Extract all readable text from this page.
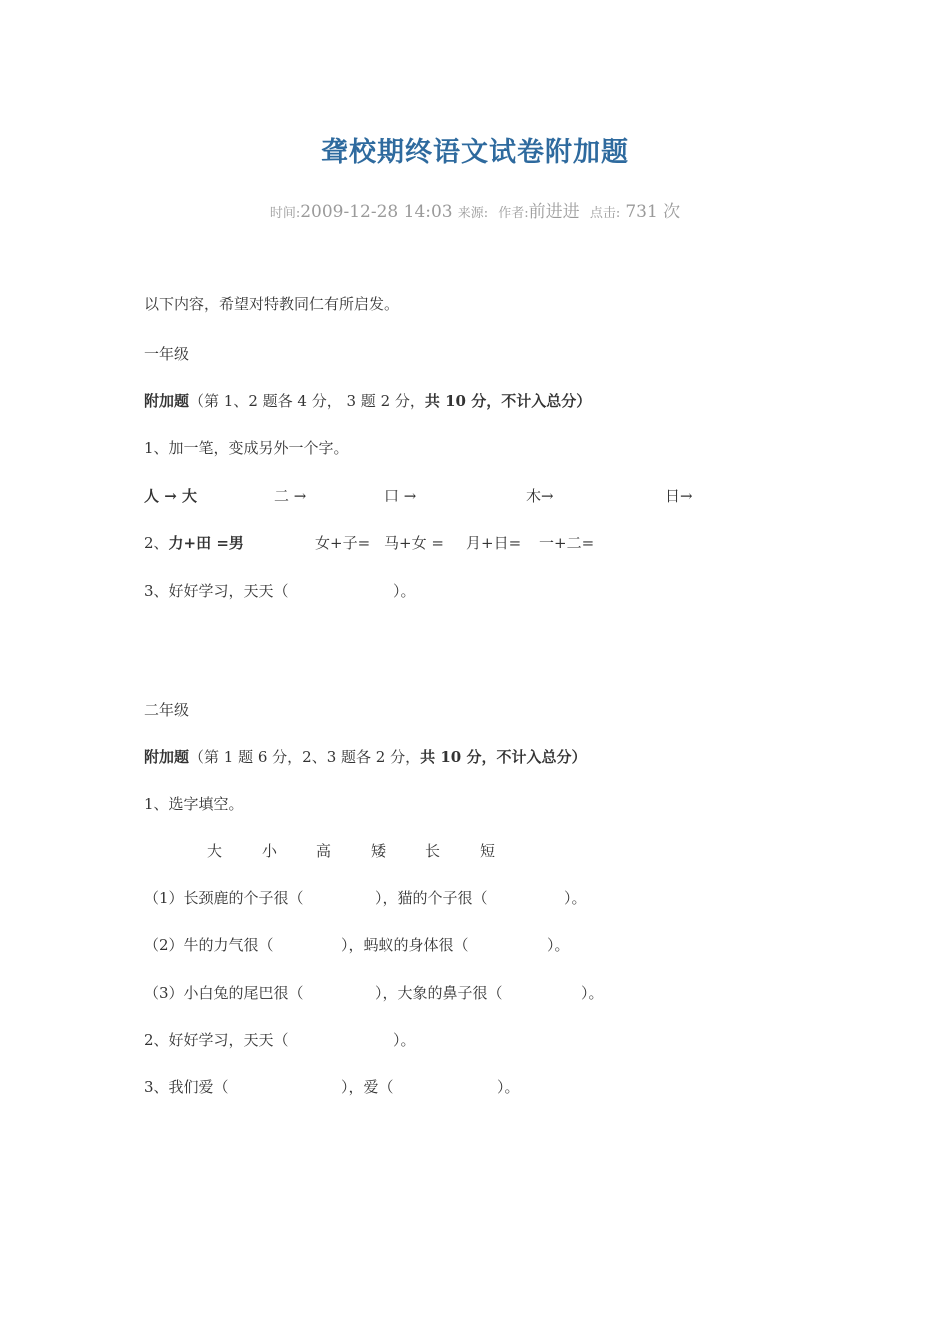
聋校期终语文试卷附加题
时间:2009-12-28 14:03 来源: 作者:前进进 点击: 731 次
以下内容，希望对特教同仁有所启发。
一年级
附加题（第 1、2 题各 4 分， 3 题 2 分，共 10 分，不计入总分）
1、加一笔，变成另外一个字。
人 → 大	二 →	口 →	木→	日→
2、力+田 =男	女+子= 马+女 = 月+日= 一+二=
3、好好学习，天天（	）。
二年级
附加题（第 1 题 6 分，2、3 题各 2 分，共 10 分，不计入总分）
1、选字填空。
大	小	高	矮	长	短
（1）长颈鹿的个子很（	），猫的个子很（	）。
（2）牛的力气很（	），蚂蚁的身体很（	）。
（3）小白兔的尾巴很（	），大象的鼻子很（	）。
2、好好学习，天天（	）。
3、我们爱（	），爱（	）。
